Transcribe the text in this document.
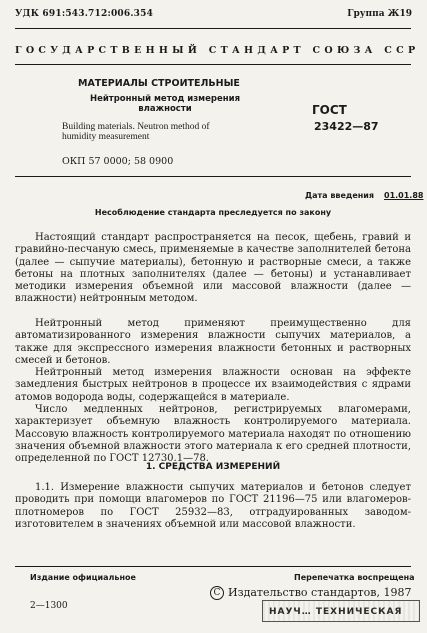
УДК 691:543.712:006.354	Группа Ж19
ГОСУДАРСТВЕННЫЙ СТАНДАРТ СОЮЗА ССР
МАТЕРИАЛЫ СТРОИТЕЛЬНЫЕ
Нейтронный метод измерения
влажности
Building materials. Neutron method of
humidity measurement
ГОСТ
23422—87
ОКП 57 0000; 58 0900
Дата введения 01.01.88
Несоблюдение стандарта преследуется по закону
Настоящий стандарт распространяется на песок, щебень, гравий и гравийно-песчаную смесь, применяемые в качестве заполнителей бетона (далее — сыпучие материалы), бетонную и растворные смеси, а также бетоны на плотных заполнителях (далее — бетоны) и устанавливает методики измерения объемной или массовой влажности (далее — влажности) нейтронным методом.
Нейтронный метод применяют преимущественно для автоматизированного измерения влажности сыпучих материалов, а также для экспрессного измерения влажности бетонных и растворных смесей и бетонов.
Нейтронный метод измерения влажности основан на эффекте замедления быстрых нейтронов в процессе их взаимодействия с ядрами атомов водорода воды, содержащейся в материале.
Число медленных нейтронов, регистрируемых влагомерами, характеризует объемную влажность контролируемого материала. Массовую влажность контролируемого материала находят по отношению значения объемной влажности этого материала к его средней плотности, определенной по ГОСТ 12730.1—78.
1. СРЕДСТВА ИЗМЕРЕНИЙ
1.1. Измерение влажности сыпучих материалов и бетонов следует проводить при помощи влагомеров по ГОСТ 21196—75 или влагомеров-плотномеров по ГОСТ 25932—83, отградуированных заводом-изготовителем в значениях объемной или массовой влажности.
Издание официальное	Перепечатка воспрещена
C Издательство стандартов, 1987
2—1300
НАУЧ… ТЕХНИЧЕСКАЯ
